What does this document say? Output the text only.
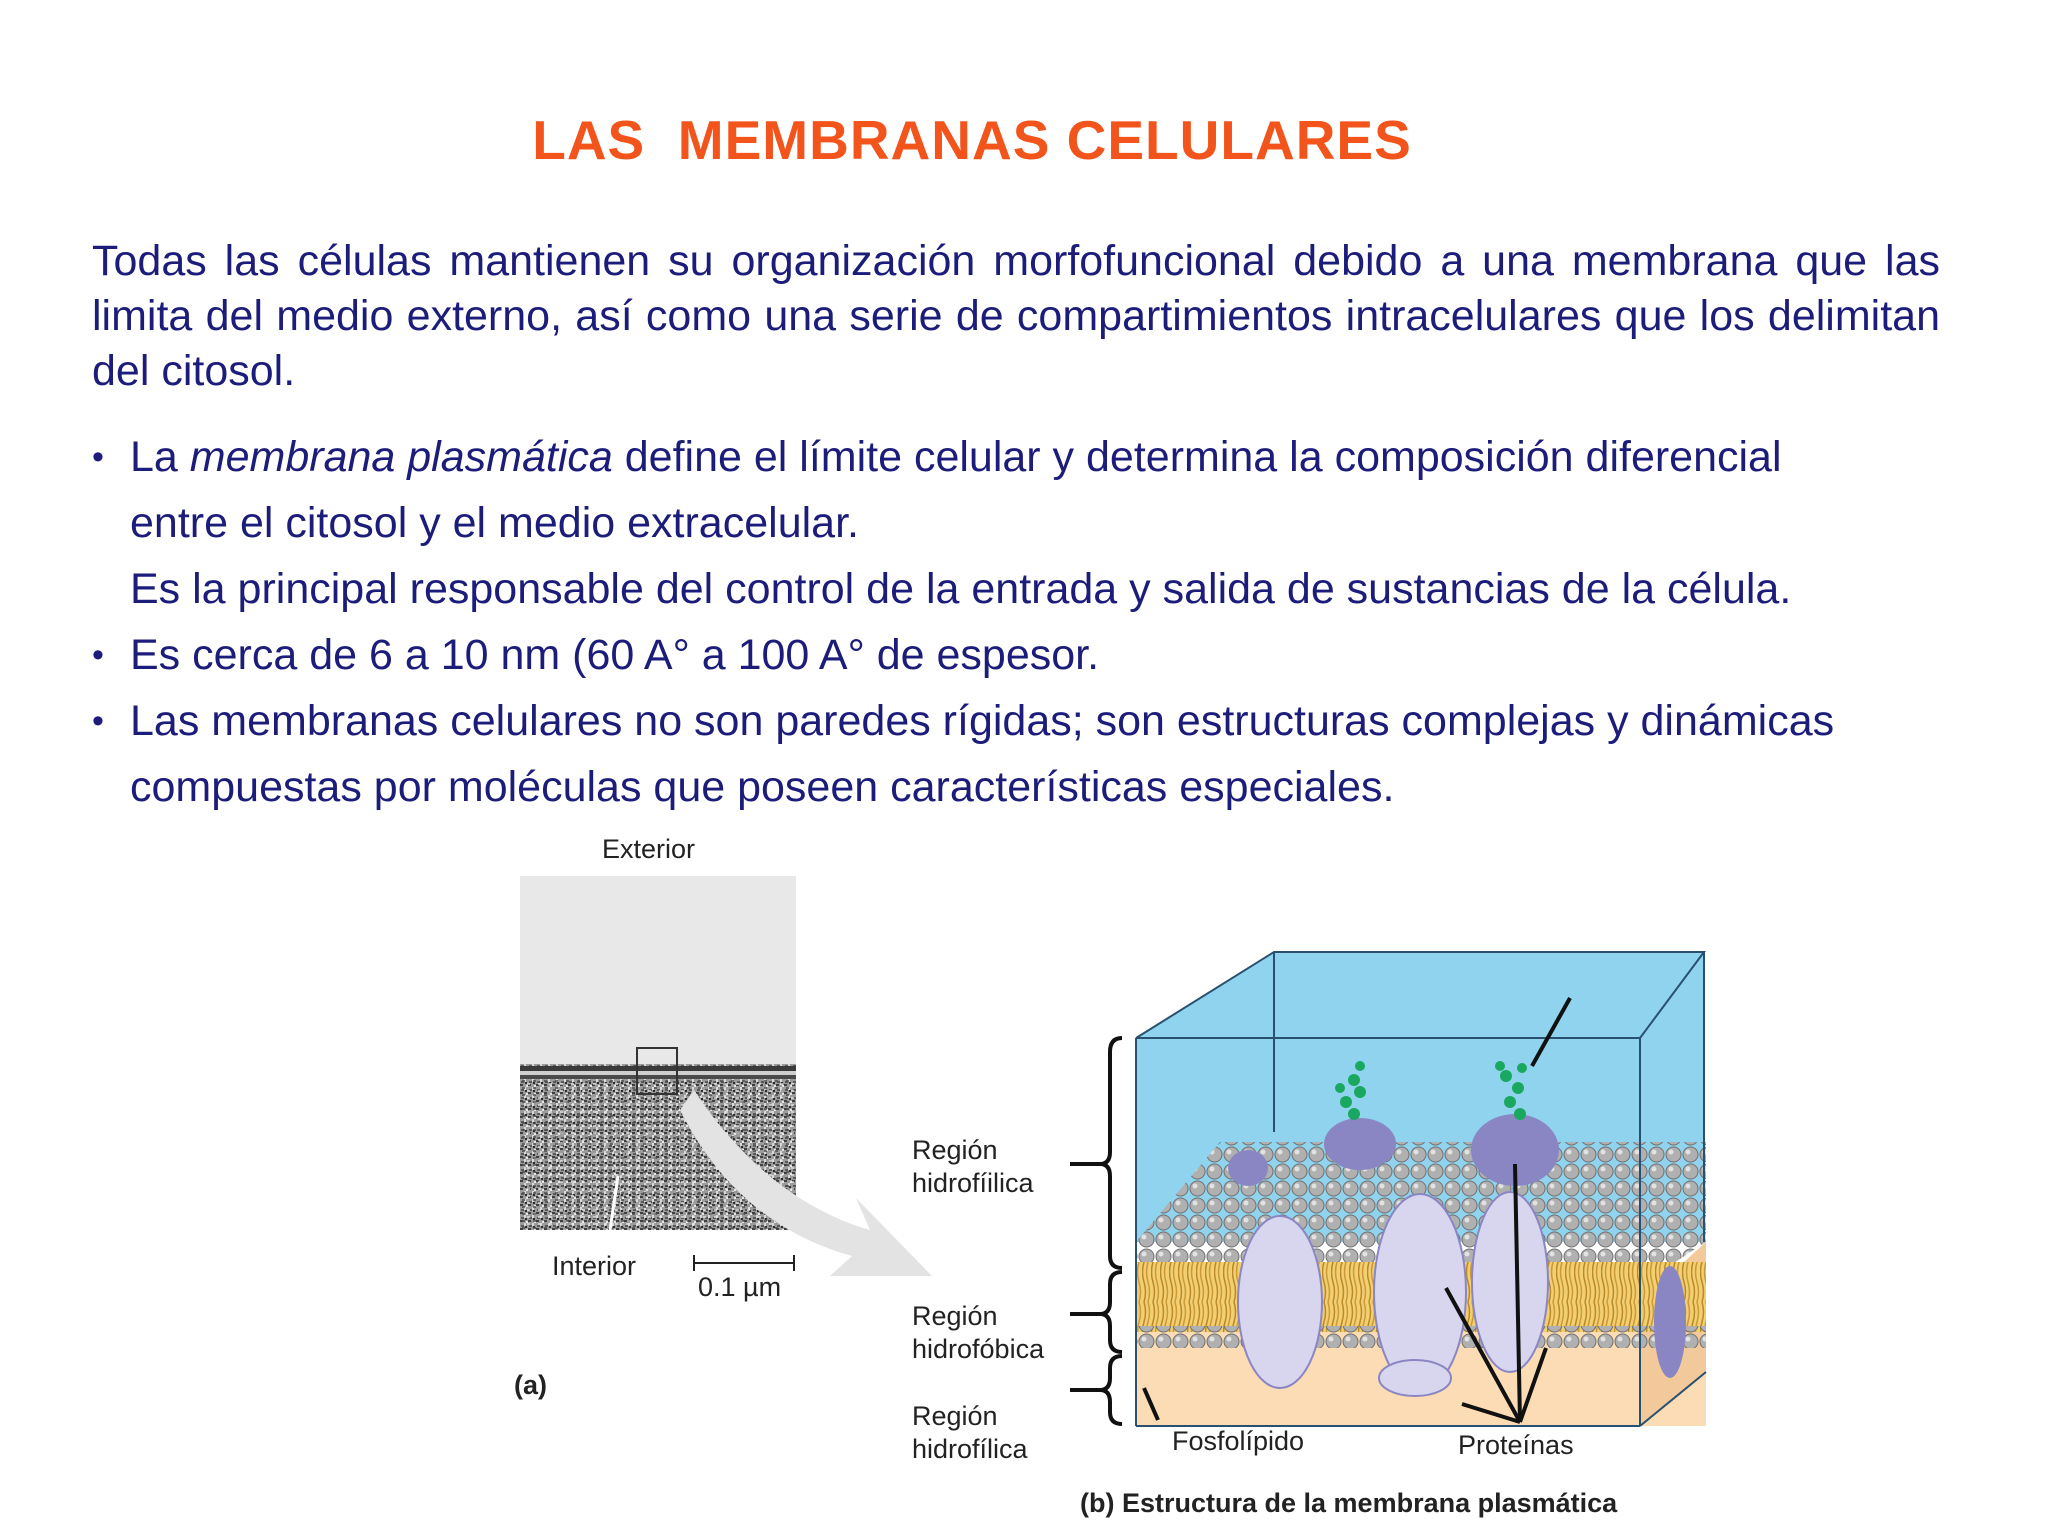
LAS  MEMBRANAS CELULARES
Todas las células mantienen su organización morfofuncional debido a una membrana que las limita del medio externo, así como una serie de compartimientos intracelulares que los delimitan del citosol.
• La membrana plasmática define el límite celular y determina la composición diferencial
entre el citosol y el medio extracelular.
Es la principal responsable del control de la entrada y salida de sustancias de la célula.
• Es cerca de 6 a 10 nm (60 A° a 100 A° de espesor.
• Las membranas celulares no son paredes rígidas; son estructuras complejas y dinámicas
compuestas por moléculas que poseen características especiales.
Exterior
Interior
0.1 µm
(a)
Región
hidrofíilica
Región
hidrofóbica
Región
hidrofílica	Fosfolípido	Proteínas
(b) Estructura de la membrana plasmática
